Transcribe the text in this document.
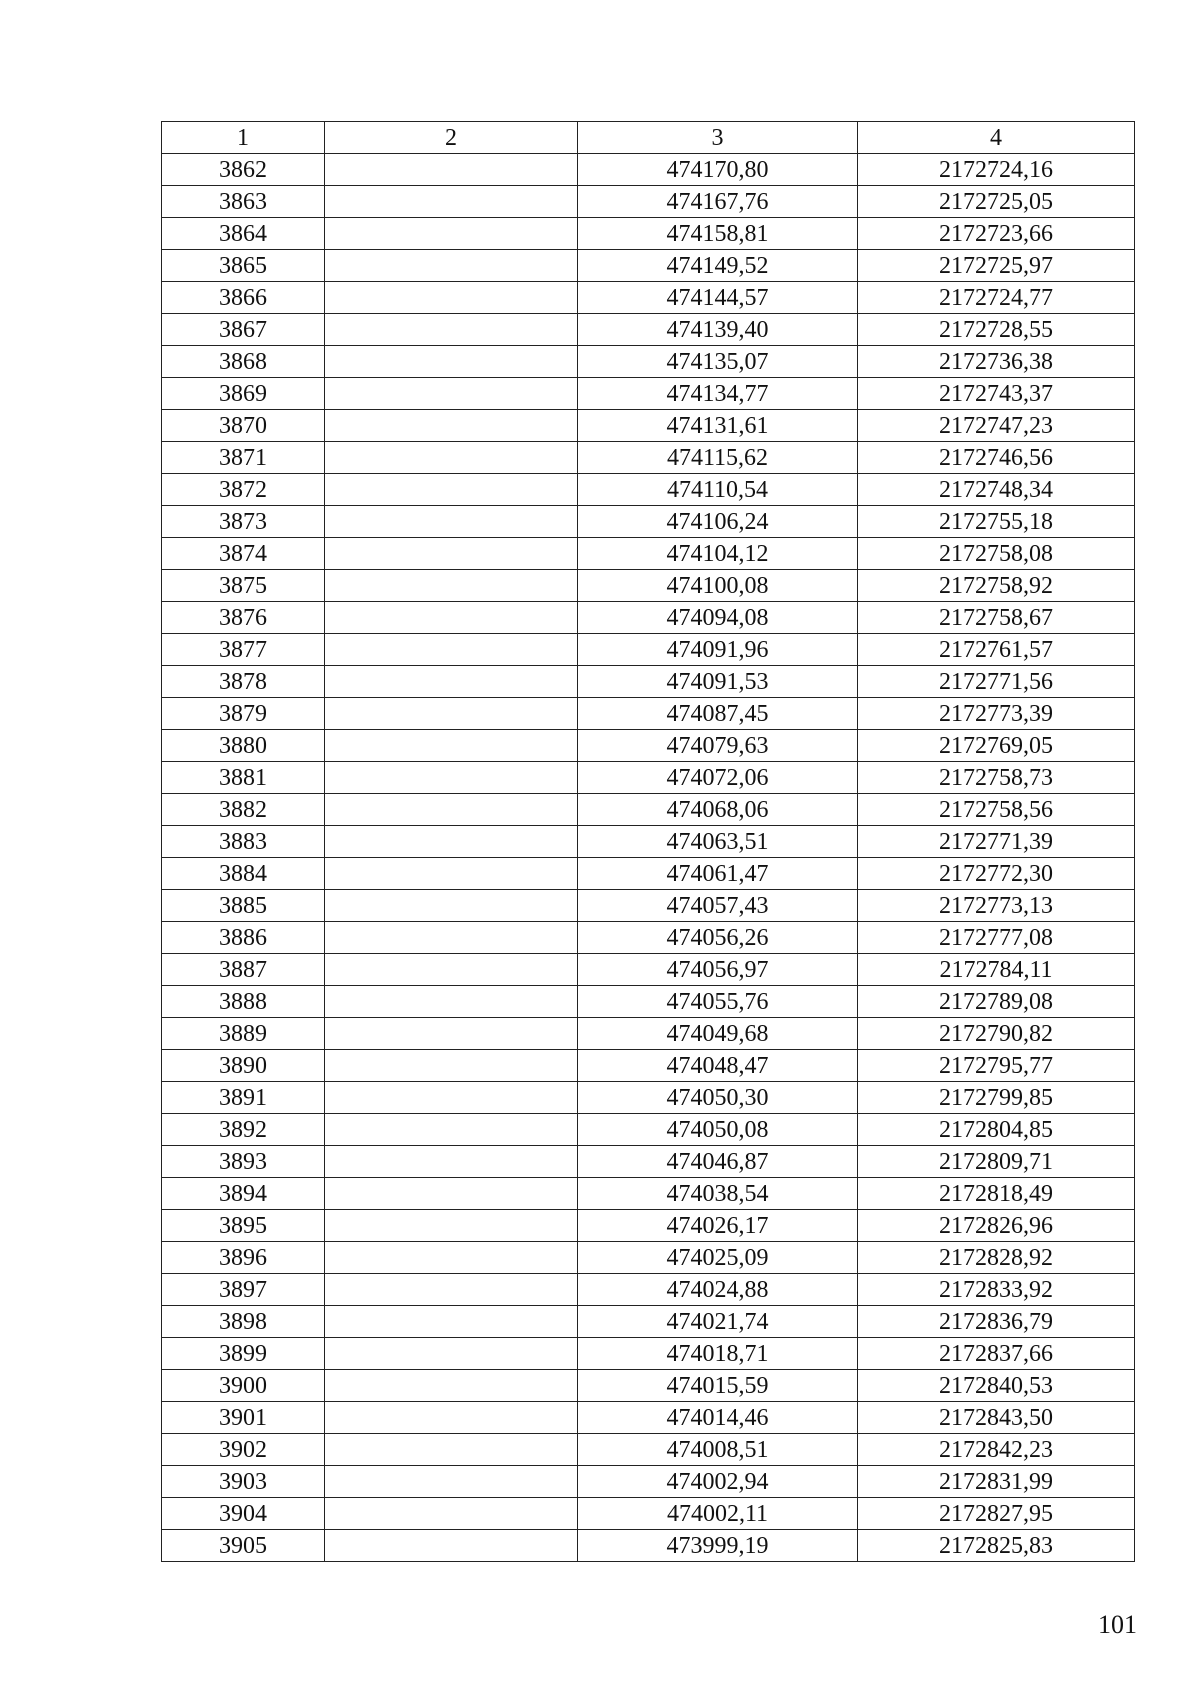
1	2	3	4
3862		474170,80	2172724,16
3863		474167,76	2172725,05
3864		474158,81	2172723,66
3865		474149,52	2172725,97
3866		474144,57	2172724,77
3867		474139,40	2172728,55
3868		474135,07	2172736,38
3869		474134,77	2172743,37
3870		474131,61	2172747,23
3871		474115,62	2172746,56
3872		474110,54	2172748,34
3873		474106,24	2172755,18
3874		474104,12	2172758,08
3875		474100,08	2172758,92
3876		474094,08	2172758,67
3877		474091,96	2172761,57
3878		474091,53	2172771,56
3879		474087,45	2172773,39
3880		474079,63	2172769,05
3881		474072,06	2172758,73
3882		474068,06	2172758,56
3883		474063,51	2172771,39
3884		474061,47	2172772,30
3885		474057,43	2172773,13
3886		474056,26	2172777,08
3887		474056,97	2172784,11
3888		474055,76	2172789,08
3889		474049,68	2172790,82
3890		474048,47	2172795,77
3891		474050,30	2172799,85
3892		474050,08	2172804,85
3893		474046,87	2172809,71
3894		474038,54	2172818,49
3895		474026,17	2172826,96
3896		474025,09	2172828,92
3897		474024,88	2172833,92
3898		474021,74	2172836,79
3899		474018,71	2172837,66
3900		474015,59	2172840,53
3901		474014,46	2172843,50
3902		474008,51	2172842,23
3903		474002,94	2172831,99
3904		474002,11	2172827,95
3905		473999,19	2172825,83
101
